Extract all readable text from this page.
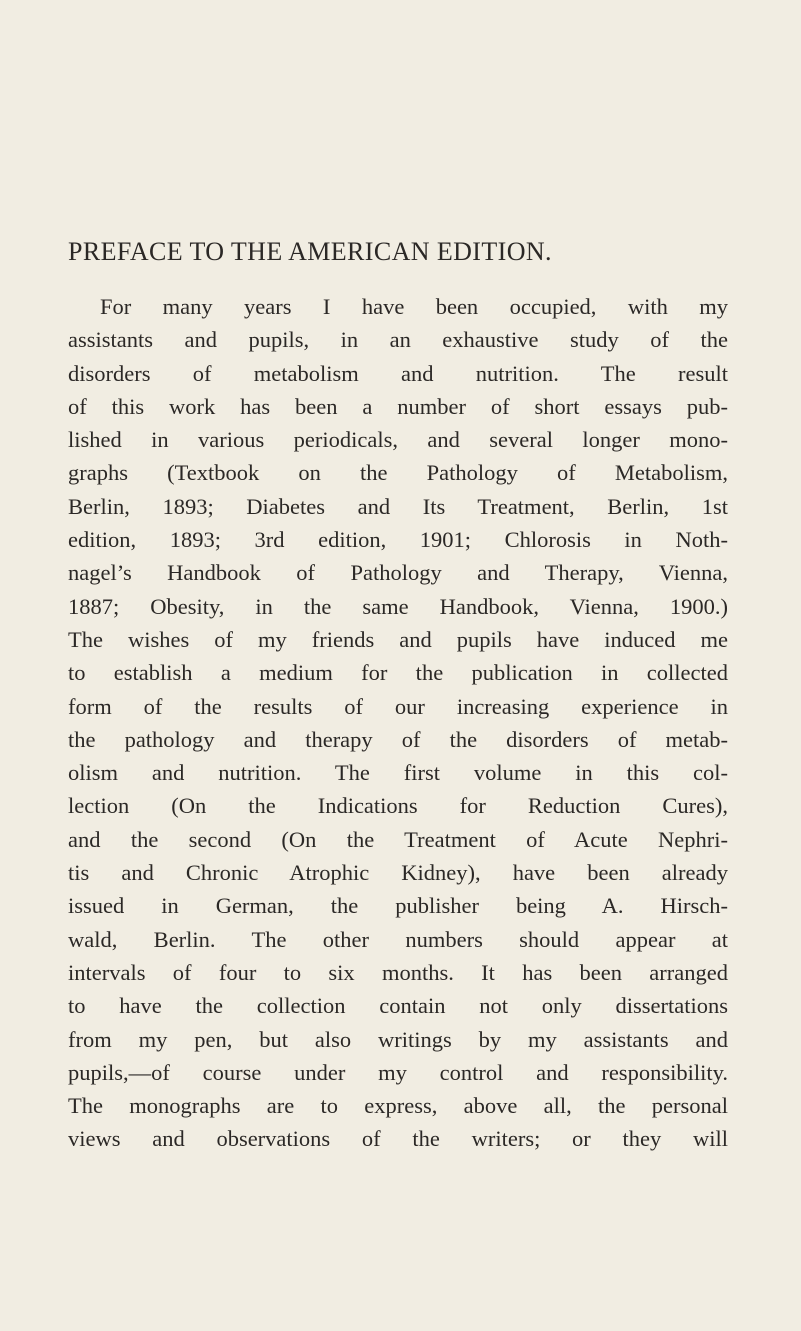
PREFACE TO THE AMERICAN EDITION.
For many years I have been occupied, with my
assistants and pupils, in an exhaustive study of the
disorders of metabolism and nutrition. The result
of this work has been a number of short essays pub-
lished in various periodicals, and several longer mono-
graphs (Textbook on the Pathology of Metabolism,
Berlin, 1893; Diabetes and Its Treatment, Berlin, 1st
edition, 1893; 3rd edition, 1901; Chlorosis in Noth-
nagel’s Handbook of Pathology and Therapy, Vienna,
1887; Obesity, in the same Handbook, Vienna, 1900.)
The wishes of my friends and pupils have induced me
to establish a medium for the publication in collected
form of the results of our increasing experience in
the pathology and therapy of the disorders of metab-
olism and nutrition. The first volume in this col-
lection (On the Indications for Reduction Cures),
and the second (On the Treatment of Acute Nephri-
tis and Chronic Atrophic Kidney), have been already
issued in German, the publisher being A. Hirsch-
wald, Berlin. The other numbers should appear at
intervals of four to six months. It has been arranged
to have the collection contain not only dissertations
from my pen, but also writings by my assistants and
pupils,—of course under my control and responsibility.
The monographs are to express, above all, the personal
views and observations of the writers; or they will
